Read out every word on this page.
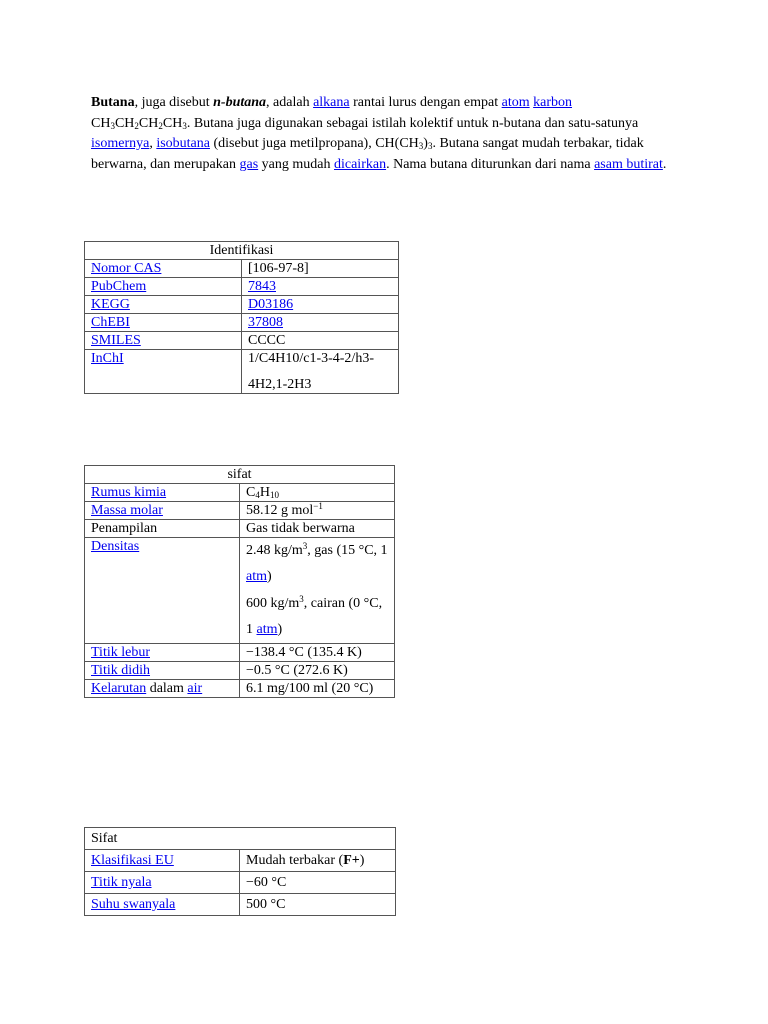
Butana, juga disebut n-butana, adalah alkana rantai lurus dengan empat atom karbon
$CH_3CH_2CH_2CH_3$. Butana juga digunakan sebagai istilah kolektif untuk n-butana dan satu-satunya isomernya, isobutana (disebut juga metilpropana), $CH(CH_3)_3$. Butana sangat mudah terbakar, tidak berwarna, dan merupakan gas yang mudah dicairkan. Nama butana diturunkan dari nama asam butirat.
Identifikasi	
Nomor CAS	[106-97-8]
PubChem	7843
KEGG	D03186
ChEBI	37808
SMILES	CCCC
InChI	1/C4H10/c1-3-4-2/h3-
4H2,1-2H3
sifat	
Rumus kimia	$C_4H_{10}$
Massa molar	58.12 g mol$^{-1}$
Penampilan	Gas tidak berwarna
Densitas	2.48 $kg/m^3$, gas (15 °C, 1 atm)
600 $kg/m^3$, cairan (0 °C, 1 atm)

Titik lebur	−138.4 °C (135.4 K)
Titik didih	−0.5 °C (272.6 K)
Kelarutan dalam air	6.1 mg/100 ml (20 °C)
Sifat	
Klasifikasi EU	Mudah terbakar (F+)
Titik nyala	−60 °C
Suhu swanyala	500 °C
